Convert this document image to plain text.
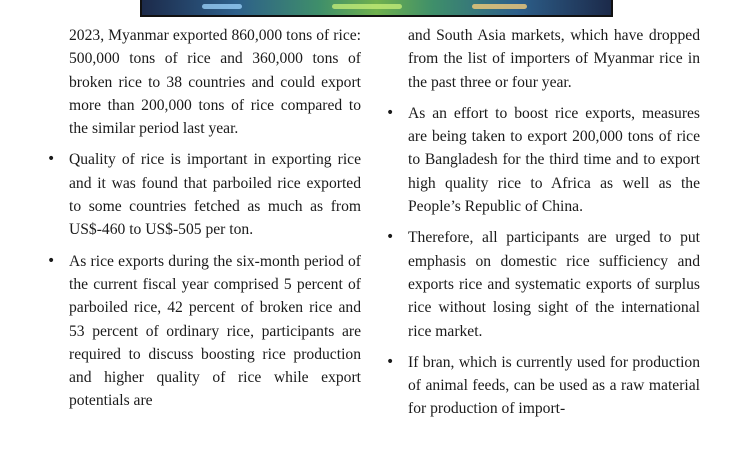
2023, Myanmar exported 860,000 tons of rice: 500,000 tons of rice and 360,000 tons of broken rice to 38 countries and could export more than 200,000 tons of rice compared to the similar period last year.

• Quality of rice is important in exporting rice and it was found that parboiled rice exported to some countries fetched as much as from US$-460 to US$-505 per ton.

• As rice exports during the six-month period of the current fiscal year comprised 5 percent of parboiled rice, 42 percent of broken rice and 53 percent of ordinary rice, participants are required to discuss boosting rice production and higher quality of rice while export potentials are

and South Asia markets, which have dropped from the list of importers of Myanmar rice in the past three or four year.

• As an effort to boost rice exports, measures are being taken to export 200,000 tons of rice to Bangladesh for the third time and to export high quality rice to Africa as well as the People’s Republic of China.

• Therefore, all participants are urged to put emphasis on domestic rice sufficiency and exports rice and systematic exports of surplus rice without losing sight of the international rice market.

• If bran, which is currently used for production of animal feeds, can be used as a raw material for production of import-
